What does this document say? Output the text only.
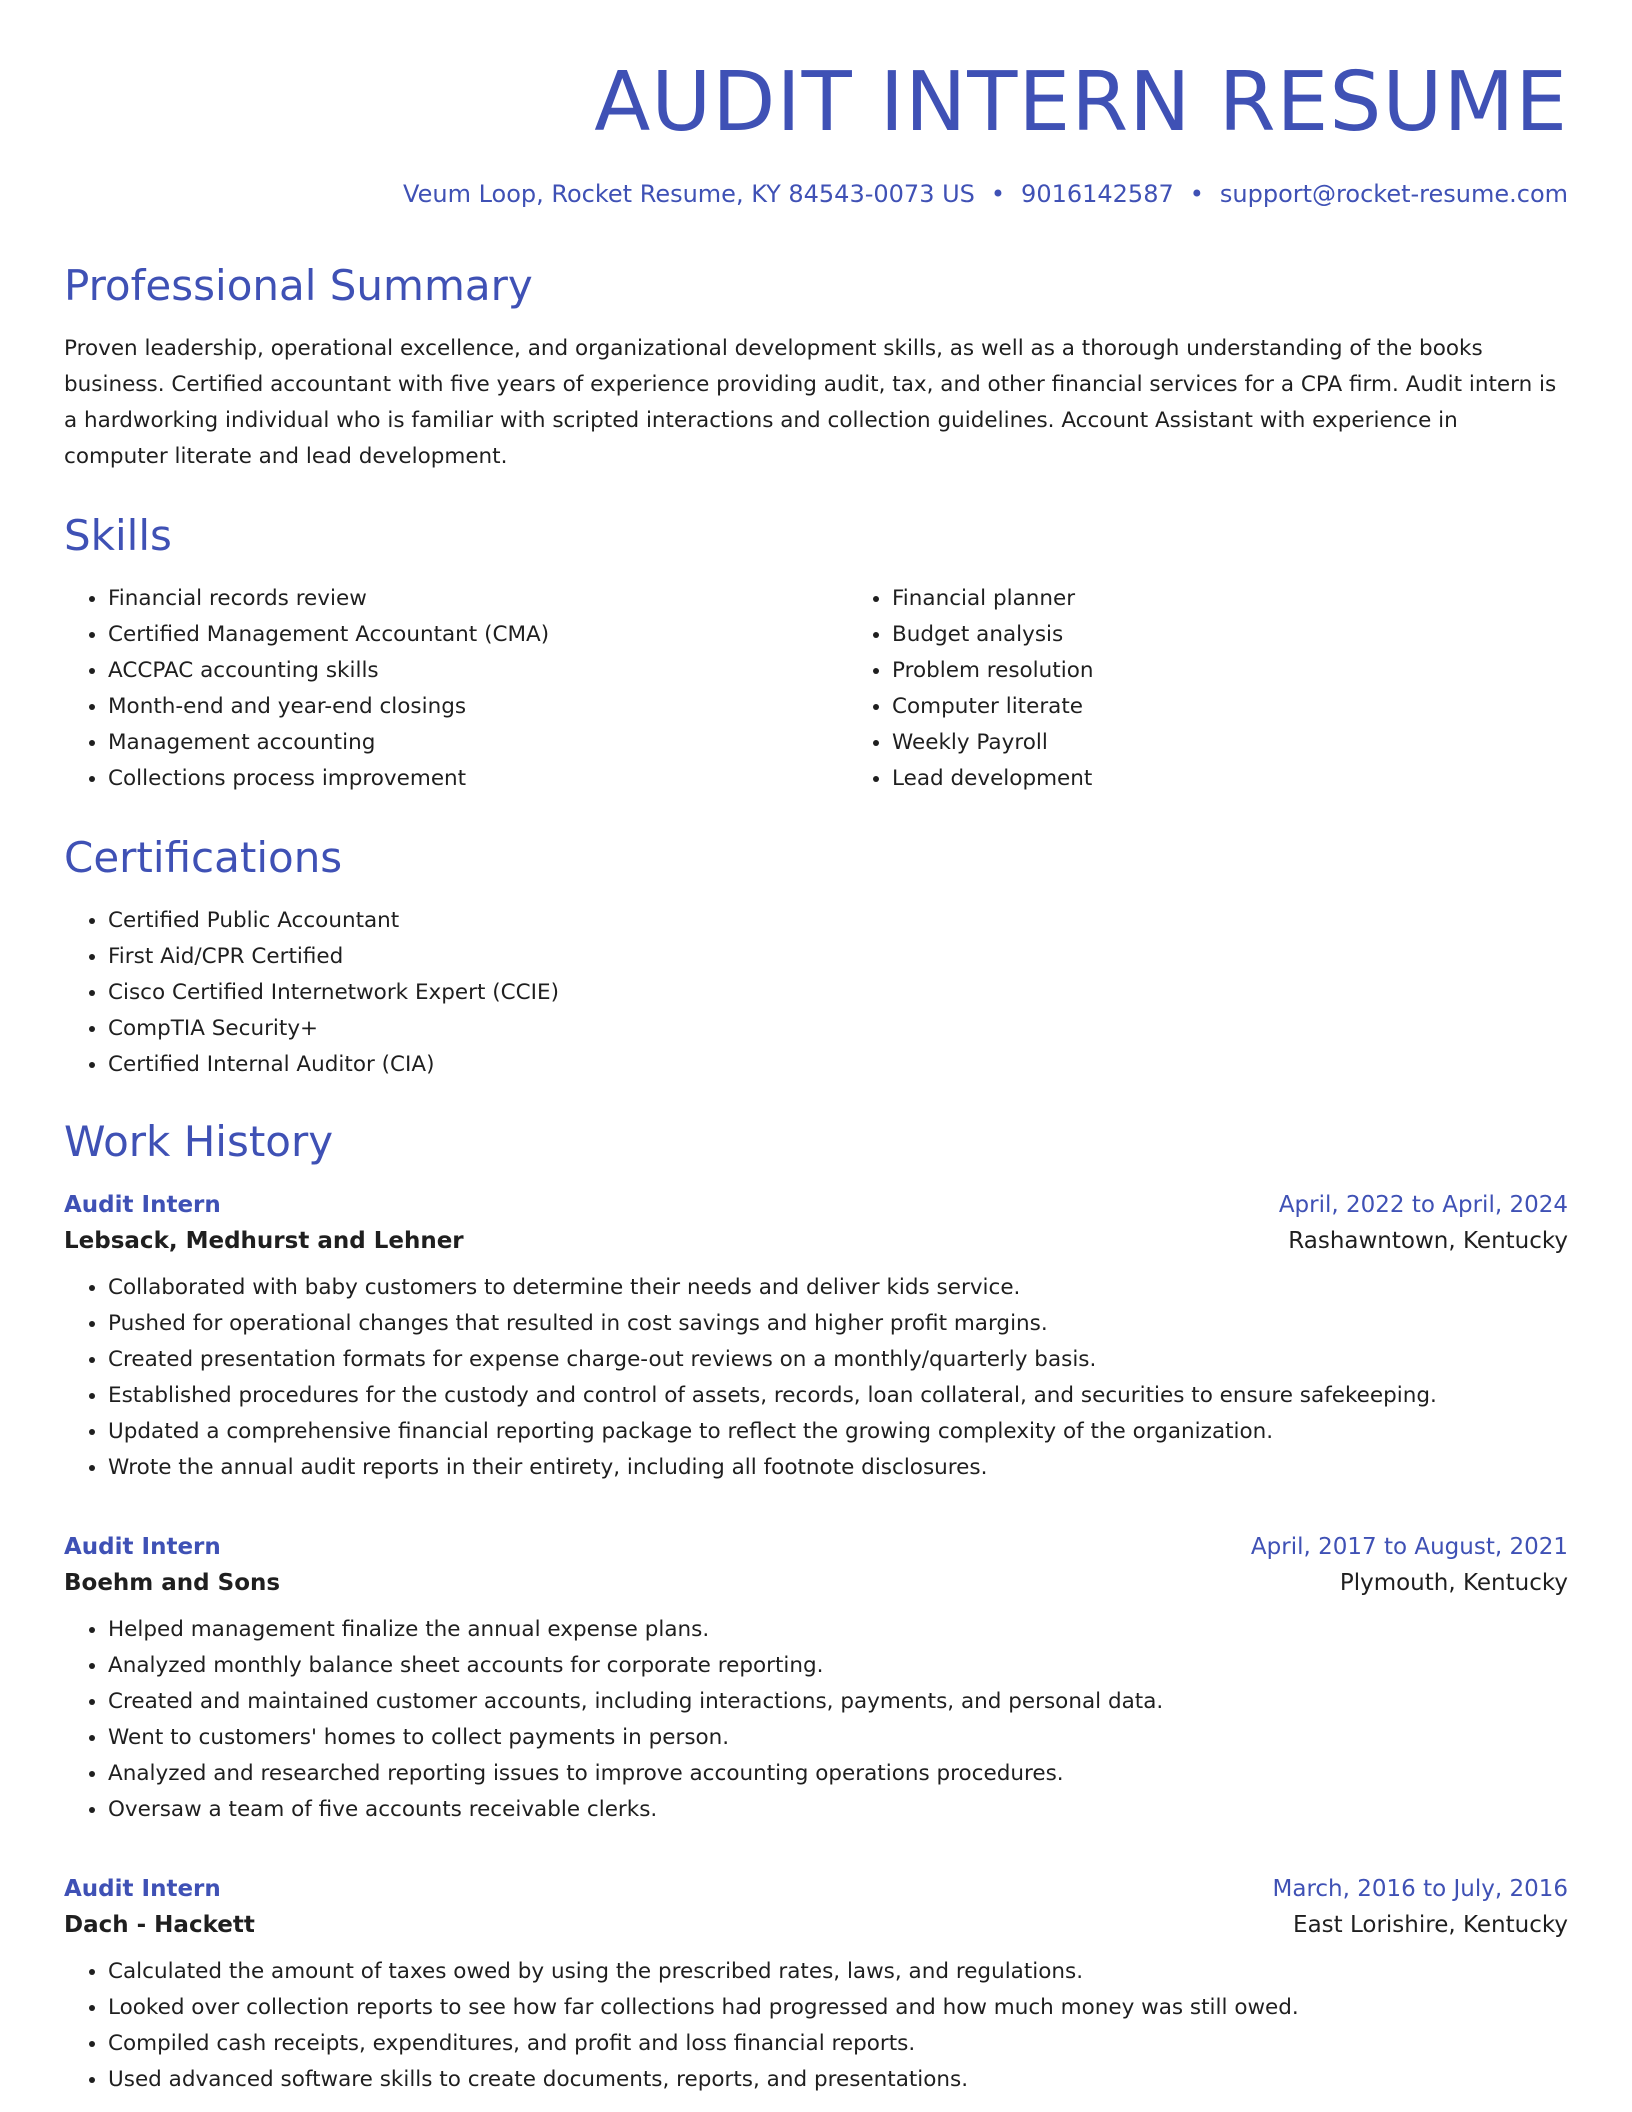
AUDIT INTERN RESUME
Veum Loop, Rocket Resume, KY 84543-0073 US • 9016142587 • support@rocket-resume.com
Professional Summary

Proven leadership, operational excellence, and organizational development skills, as well as a thorough understanding of the books business. Certified accountant with five years of experience providing audit, tax, and other financial services for a CPA firm. Audit intern is a hardworking individual who is familiar with scripted interactions and collection guidelines. Account Assistant with experience in computer literate and lead development.

Skills
• Financial records review
• Certified Management Accountant (CMA)
• ACCPAC accounting skills
• Month-end and year-end closings
• Management accounting
• Collections process improvement
• Financial planner
• Budget analysis
• Problem resolution
• Computer literate
• Weekly Payroll
• Lead development
Certifications
• Certified Public Accountant
• First Aid/CPR Certified
• Cisco Certified Internetwork Expert (CCIE)
• CompTIA Security+
• Certified Internal Auditor (CIA)
Work History
Audit Intern	April, 2022 to April, 2024
Lebsack, Medhurst and Lehner	Rashawntown, Kentucky
• Collaborated with baby customers to determine their needs and deliver kids service.
• Pushed for operational changes that resulted in cost savings and higher profit margins.
• Created presentation formats for expense charge-out reviews on a monthly/quarterly basis.
• Established procedures for the custody and control of assets, records, loan collateral, and securities to ensure safekeeping.
• Updated a comprehensive financial reporting package to reflect the growing complexity of the organization.
• Wrote the annual audit reports in their entirety, including all footnote disclosures.
Audit Intern	April, 2017 to August, 2021
Boehm and Sons	Plymouth, Kentucky
• Helped management finalize the annual expense plans.
• Analyzed monthly balance sheet accounts for corporate reporting.
• Created and maintained customer accounts, including interactions, payments, and personal data.
• Went to customers' homes to collect payments in person.
• Analyzed and researched reporting issues to improve accounting operations procedures.
• Oversaw a team of five accounts receivable clerks.
Audit Intern	March, 2016 to July, 2016
Dach - Hackett	East Lorishire, Kentucky
• Calculated the amount of taxes owed by using the prescribed rates, laws, and regulations.
• Looked over collection reports to see how far collections had progressed and how much money was still owed.
• Compiled cash receipts, expenditures, and profit and loss financial reports.
• Used advanced software skills to create documents, reports, and presentations.
